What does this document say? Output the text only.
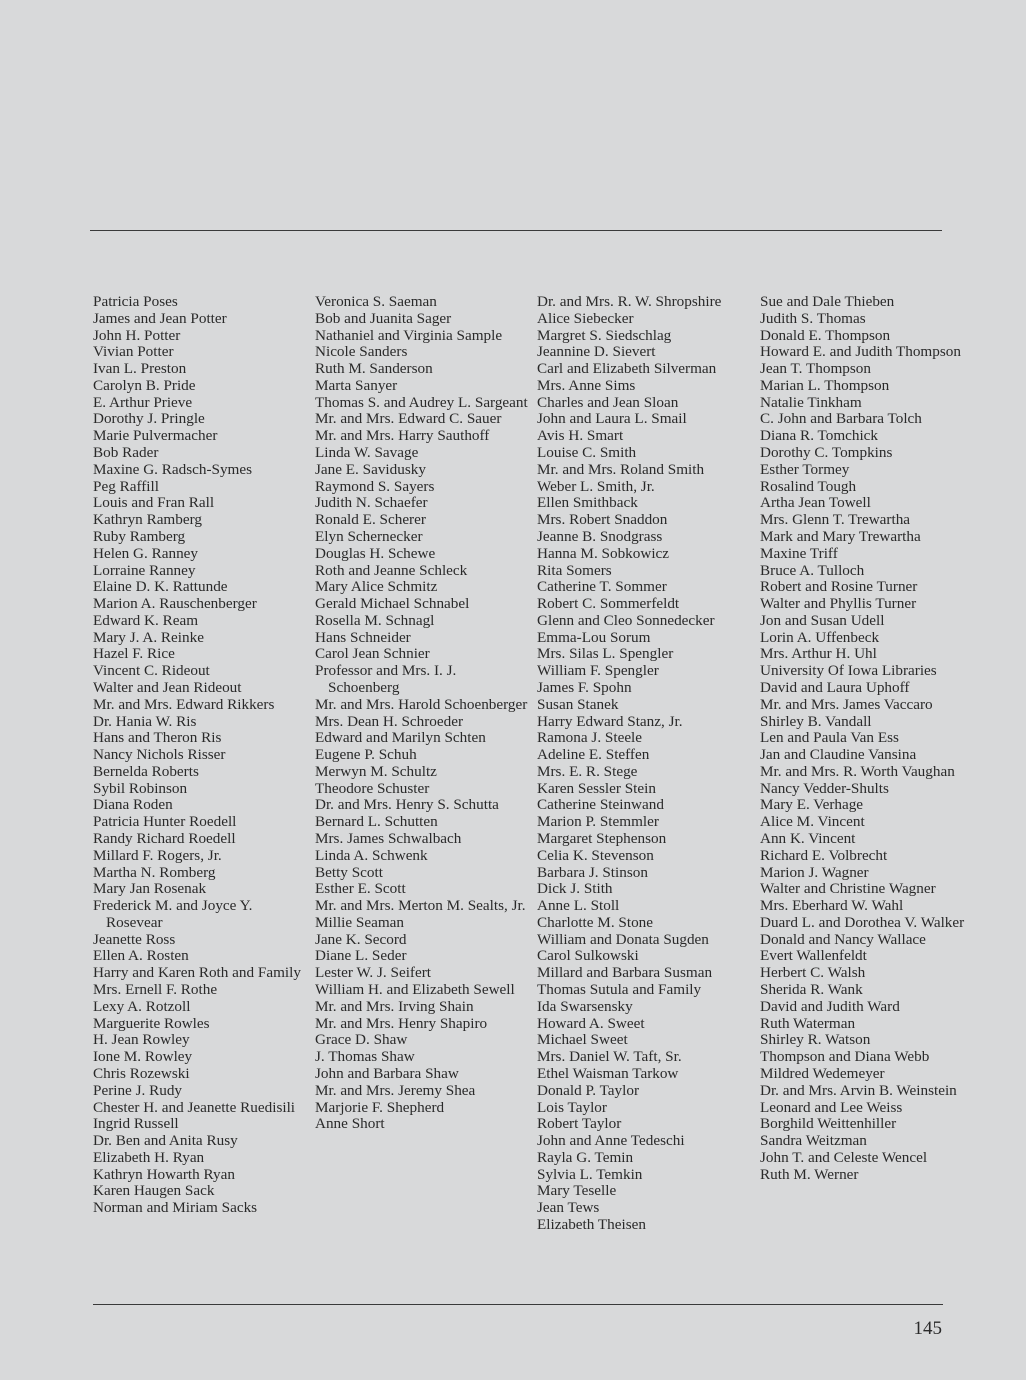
Patricia Poses
James and Jean Potter
John H. Potter
Vivian Potter
Ivan L. Preston
Carolyn B. Pride
E. Arthur Prieve
Dorothy J. Pringle
Marie Pulvermacher
Bob Rader
Maxine G. Radsch-Symes
Peg Raffill
Louis and Fran Rall
Kathryn Ramberg
Ruby Ramberg
Helen G. Ranney
Lorraine Ranney
Elaine D. K. Rattunde
Marion A. Rauschenberger
Edward K. Ream
Mary J. A. Reinke
Hazel F. Rice
Vincent C. Rideout
Walter and Jean Rideout
Mr. and Mrs. Edward Rikkers
Dr. Hania W. Ris
Hans and Theron Ris
Nancy Nichols Risser
Bernelda Roberts
Sybil Robinson
Diana Roden
Patricia Hunter Roedell
Randy Richard Roedell
Millard F. Rogers, Jr.
Martha N. Romberg
Mary Jan Rosenak
Frederick M. and Joyce Y. Rosevear
Jeanette Ross
Ellen A. Rosten
Harry and Karen Roth and Family
Mrs. Ernell F. Rothe
Lexy A. Rotzoll
Marguerite Rowles
H. Jean Rowley
Ione M. Rowley
Chris Rozewski
Perine J. Rudy
Chester H. and Jeanette Ruedisili
Ingrid Russell
Dr. Ben and Anita Rusy
Elizabeth H. Ryan
Kathryn Howarth Ryan
Karen Haugen Sack
Norman and Miriam Sacks
Veronica S. Saeman
Bob and Juanita Sager
Nathaniel and Virginia Sample
Nicole Sanders
Ruth M. Sanderson
Marta Sanyer
Thomas S. and Audrey L. Sargeant
Mr. and Mrs. Edward C. Sauer
Mr. and Mrs. Harry Sauthoff
Linda W. Savage
Jane E. Savidusky
Raymond S. Sayers
Judith N. Schaefer
Ronald E. Scherer
Elyn Schernecker
Douglas H. Schewe
Roth and Jeanne Schleck
Mary Alice Schmitz
Gerald Michael Schnabel
Rosella M. Schnagl
Hans Schneider
Carol Jean Schnier
Professor and Mrs. I. J. Schoenberg
Mr. and Mrs. Harold Schoenberger
Mrs. Dean H. Schroeder
Edward and Marilyn Schten
Eugene P. Schuh
Merwyn M. Schultz
Theodore Schuster
Dr. and Mrs. Henry S. Schutta
Bernard L. Schutten
Mrs. James Schwalbach
Linda A. Schwenk
Betty Scott
Esther E. Scott
Mr. and Mrs. Merton M. Sealts, Jr.
Millie Seaman
Jane K. Secord
Diane L. Seder
Lester W. J. Seifert
William H. and Elizabeth Sewell
Mr. and Mrs. Irving Shain
Mr. and Mrs. Henry Shapiro
Grace D. Shaw
J. Thomas Shaw
John and Barbara Shaw
Mr. and Mrs. Jeremy Shea
Marjorie F. Shepherd
Anne Short
Dr. and Mrs. R. W. Shropshire
Alice Siebecker
Margret S. Siedschlag
Jeannine D. Sievert
Carl and Elizabeth Silverman
Mrs. Anne Sims
Charles and Jean Sloan
John and Laura L. Smail
Avis H. Smart
Louise C. Smith
Mr. and Mrs. Roland Smith
Weber L. Smith, Jr.
Ellen Smithback
Mrs. Robert Snaddon
Jeanne B. Snodgrass
Hanna M. Sobkowicz
Rita Somers
Catherine T. Sommer
Robert C. Sommerfeldt
Glenn and Cleo Sonnedecker
Emma-Lou Sorum
Mrs. Silas L. Spengler
William F. Spengler
James F. Spohn
Susan Stanek
Harry Edward Stanz, Jr.
Ramona J. Steele
Adeline E. Steffen
Mrs. E. R. Stege
Karen Sessler Stein
Catherine Steinwand
Marion P. Stemmler
Margaret Stephenson
Celia K. Stevenson
Barbara J. Stinson
Dick J. Stith
Anne L. Stoll
Charlotte M. Stone
William and Donata Sugden
Carol Sulkowski
Millard and Barbara Susman
Thomas Sutula and Family
Ida Swarsensky
Howard A. Sweet
Michael Sweet
Mrs. Daniel W. Taft, Sr.
Ethel Waisman Tarkow
Donald P. Taylor
Lois Taylor
Robert Taylor
John and Anne Tedeschi
Rayla G. Temin
Sylvia L. Temkin
Mary Teselle
Jean Tews
Elizabeth Theisen
Sue and Dale Thieben
Judith S. Thomas
Donald E. Thompson
Howard E. and Judith Thompson
Jean T. Thompson
Marian L. Thompson
Natalie Tinkham
C. John and Barbara Tolch
Diana R. Tomchick
Dorothy C. Tompkins
Esther Tormey
Rosalind Tough
Artha Jean Towell
Mrs. Glenn T. Trewartha
Mark and Mary Trewartha
Maxine Triff
Bruce A. Tulloch
Robert and Rosine Turner
Walter and Phyllis Turner
Jon and Susan Udell
Lorin A. Uffenbeck
Mrs. Arthur H. Uhl
University Of Iowa Libraries
David and Laura Uphoff
Mr. and Mrs. James Vaccaro
Shirley B. Vandall
Len and Paula Van Ess
Jan and Claudine Vansina
Mr. and Mrs. R. Worth Vaughan
Nancy Vedder-Shults
Mary E. Verhage
Alice M. Vincent
Ann K. Vincent
Richard E. Volbrecht
Marion J. Wagner
Walter and Christine Wagner
Mrs. Eberhard W. Wahl
Duard L. and Dorothea V. Walker
Donald and Nancy Wallace
Evert Wallenfeldt
Herbert C. Walsh
Sherida R. Wank
David and Judith Ward
Ruth Waterman
Shirley R. Watson
Thompson and Diana Webb
Mildred Wedemeyer
Dr. and Mrs. Arvin B. Weinstein
Leonard and Lee Weiss
Borghild Weittenhiller
Sandra Weitzman
John T. and Celeste Wencel
Ruth M. Werner
145
